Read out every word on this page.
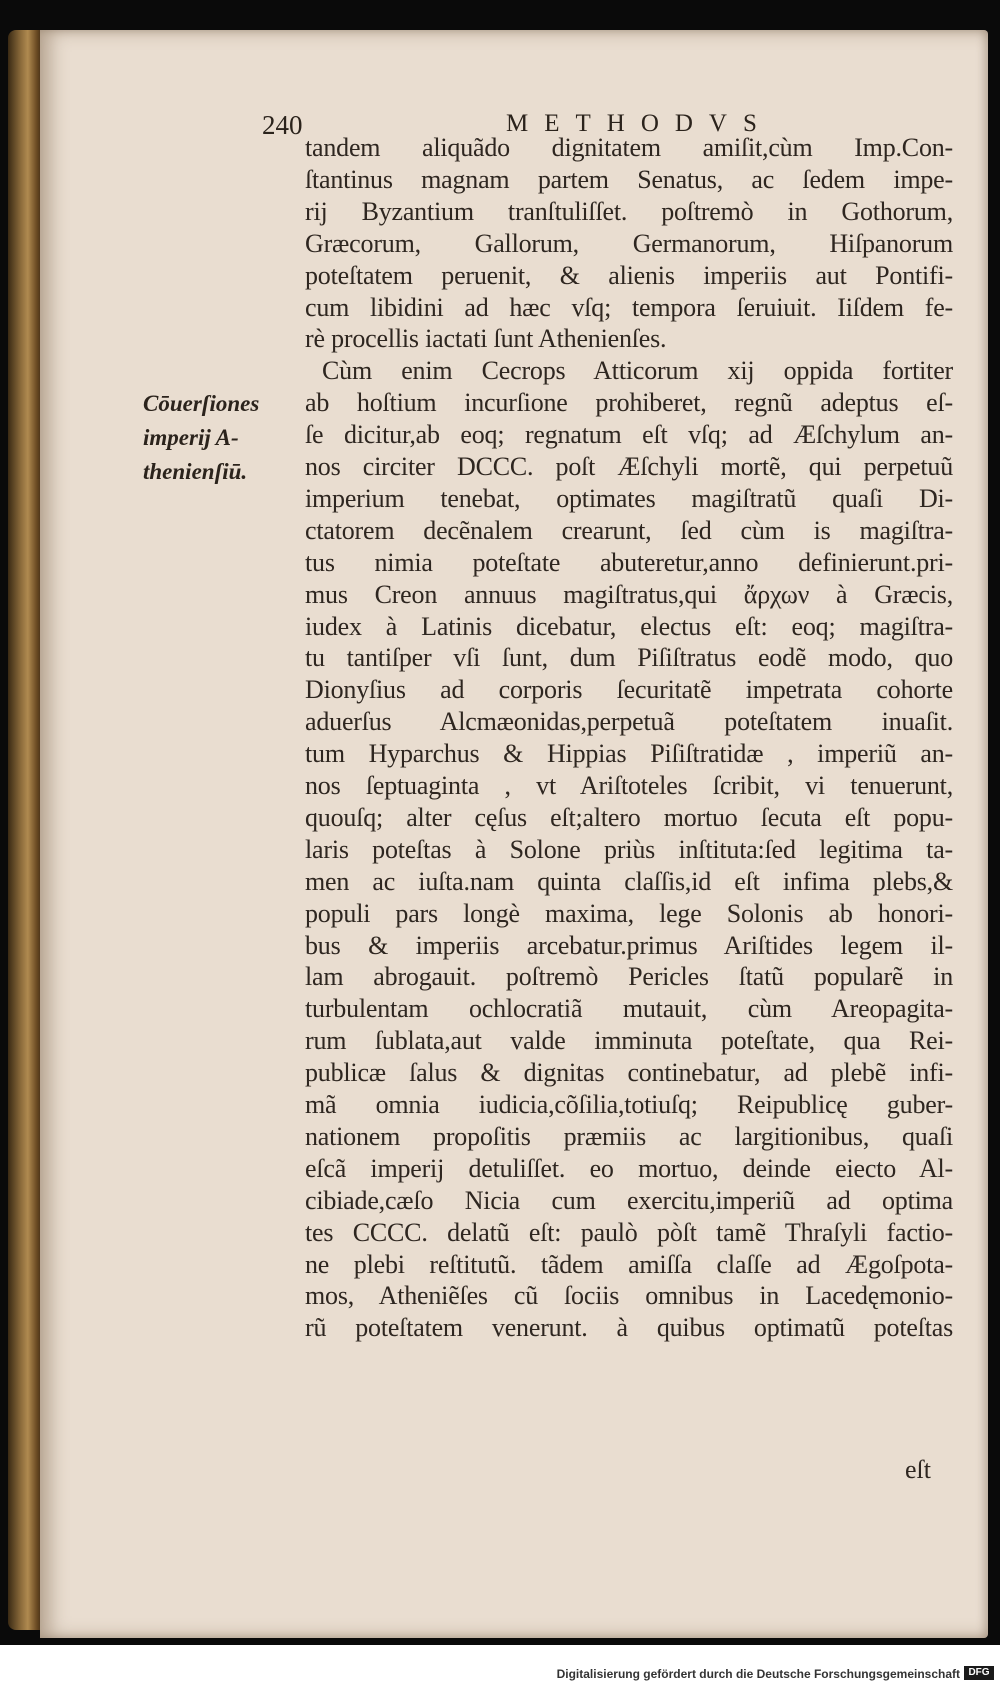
240	METHODVS
Cōuerſiones
imperij A-
thenienſiū.
tandem aliquãdo dignitatem amiſit,cùm Imp.Con-
ſtantinus magnam partem Senatus, ac ſedem impe-
rij Byzantium tranſtuliſſet. poſtremò in Gothorum,
Græcorum, Gallorum, Germanorum, Hiſpanorum
poteſtatem peruenit, & alienis imperiis aut Pontifi-
cum libidini ad hæc vſq; tempora ſeruiuit. Iiſdem fe-
rè procellis iactati ſunt Athenienſes.
Cùm enim Cecrops Atticorum xij oppida fortiter
ab hoſtium incurſione prohiberet, regnũ adeptus eſ-
ſe dicitur,ab eoq; regnatum eſt vſq; ad Æſchylum an-
nos circiter DCCC. poſt Æſchyli mortẽ, qui perpetuũ
imperium tenebat, optimates magiſtratũ quaſi Di-
ctatorem decẽnalem crearunt, ſed cùm is magiſtra-
tus nimia poteſtate abuteretur,anno definierunt.pri-
mus Creon annuus magiſtratus,qui ἄρχων à Græcis,
iudex à Latinis dicebatur, electus eſt: eoq; magiſtra-
tu tantiſper vſi ſunt, dum Piſiſtratus eodẽ modo, quo
Dionyſius ad corporis ſecuritatẽ impetrata cohorte
aduerſus Alcmæonidas,perpetuã poteſtatem inuaſit.
tum Hyparchus & Hippias Piſiſtratidæ , imperiũ an-
nos ſeptuaginta , vt Ariſtoteles ſcribit, vi tenuerunt,
quouſq; alter cęſus eſt;altero mortuo ſecuta eſt popu-
laris poteſtas à Solone priùs inſtituta:ſed legitima ta-
men ac iuſta.nam quinta claſſis,id eſt infima plebs,&
populi pars longè maxima, lege Solonis ab honori-
bus & imperiis arcebatur.primus Ariſtides legem il-
lam abrogauit. poſtremò Pericles ſtatũ popularẽ in
turbulentam ochlocratiã mutauit, cùm Areopagita-
rum ſublata,aut valde imminuta poteſtate, qua Rei-
publicæ ſalus & dignitas continebatur, ad plebẽ infi-
mã omnia iudicia,cõſilia,totiuſq; Reipublicę guber-
nationem propoſitis præmiis ac largitionibus, quaſi
eſcã imperij detuliſſet. eo mortuo, deinde eiecto Al-
cibiade,cæſo Nicia cum exercitu,imperiũ ad optima
tes CCCC. delatũ eſt: paulò pòſt tamẽ Thraſyli factio-
ne plebi reſtitutũ. tãdem amiſſa claſſe ad Ægoſpota-
mos, Atheniẽſes cũ ſociis omnibus in Lacedęmonio-
rũ poteſtatem venerunt. à quibus optimatũ poteſtas
eſt
Digitalisierung gefördert durch die Deutsche Forschungsgemeinschaft DFG
